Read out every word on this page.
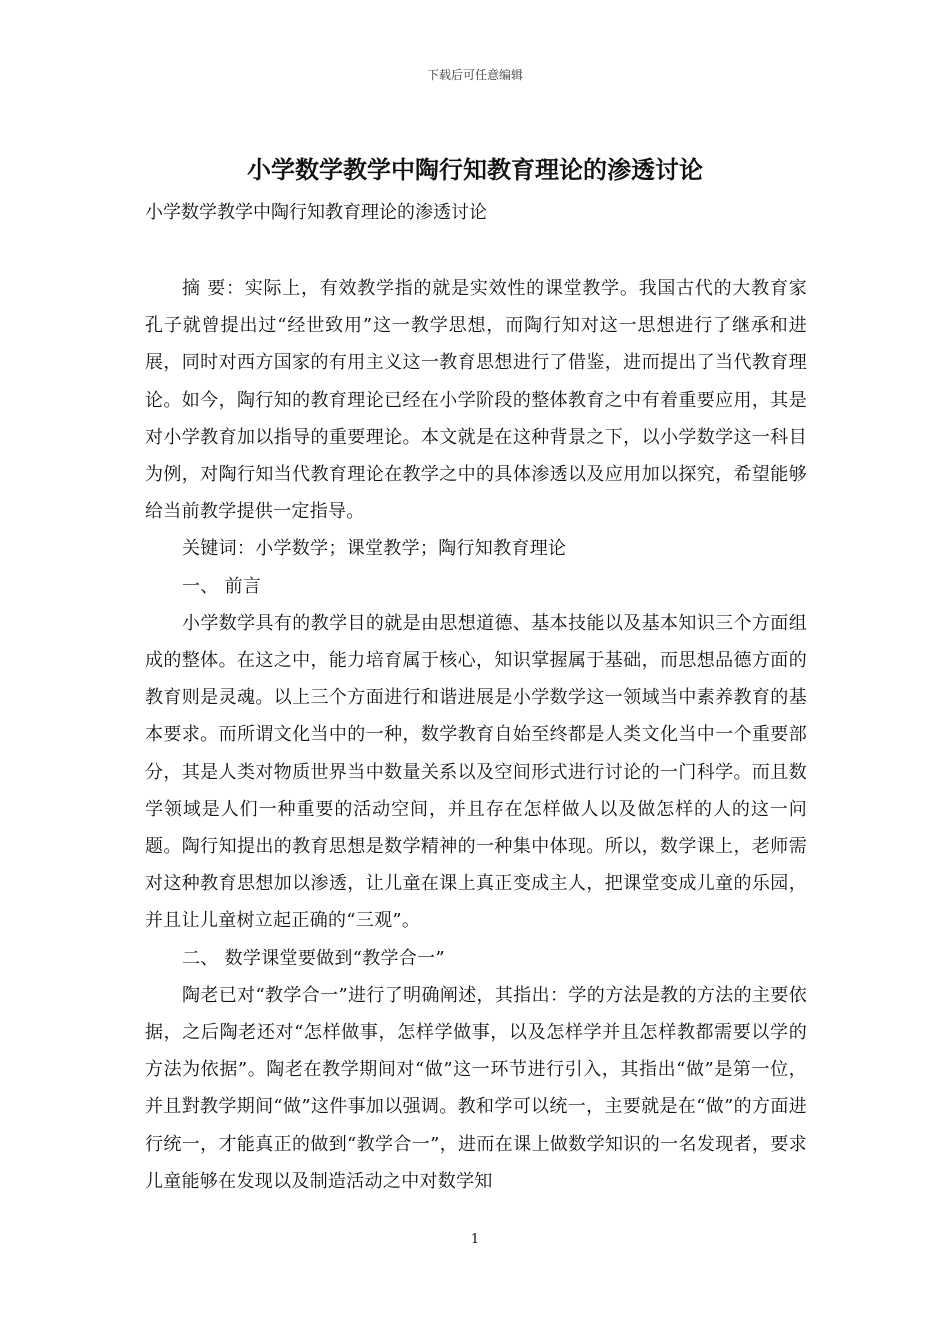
下载后可任意编辑
小学数学教学中陶行知教育理论的渗透讨论

小学数学教学中陶行知教育理论的渗透讨论

摘 要：实际上，有效教学指的就是实效性的课堂教学。我国古代的大教育家孔子就曾提出过“经世致用”这一教学思想，而陶行知对这一思想进行了继承和进展，同时对西方国家的有用主义这一教育思想进行了借鉴，进而提出了当代教育理论。如今，陶行知的教育理论已经在小学阶段的整体教育之中有着重要应用，其是对小学教育加以指导的重要理论。本文就是在这种背景之下，以小学数学这一科目为例，对陶行知当代教育理论在教学之中的具体渗透以及应用加以探究，希望能够给当前教学提供一定指导。

关键词：小学数学；课堂教学；陶行知教育理论

一、 前言

小学数学具有的教学目的就是由思想道德、基本技能以及基本知识三个方面组成的整体。在这之中，能力培育属于核心，知识掌握属于基础，而思想品德方面的教育则是灵魂。以上三个方面进行和谐进展是小学数学这一领域当中素养教育的基本要求。而所谓文化当中的一种，数学教育自始至终都是人类文化当中一个重要部分，其是人类对物质世界当中数量关系以及空间形式进行讨论的一门科学。而且数学领域是人们一种重要的活动空间，并且存在怎样做人以及做怎样的人的这一问题。陶行知提出的教育思想是数学精神的一种集中体现。所以，数学课上，老师需对这种教育思想加以渗透，让儿童在课上真正变成主人，把课堂变成儿童的乐园，并且让儿童树立起正确的“三观”。

二、 数学课堂要做到“教学合一”

陶老已对“教学合一”进行了明确阐述，其指出：学的方法是教的方法的主要依据，之后陶老还对“怎样做事，怎样学做事，以及怎样学并且怎样教都需要以学的方法为依据”。陶老在教学期间对“做”这一环节进行引入，其指出“做”是第一位，并且對教学期间“做”这件事加以强调。教和学可以统一，主要就是在“做”的方面进行统一，才能真正的做到“教学合一”，进而在课上做数学知识的一名发现者，要求儿童能够在发现以及制造活动之中对数学知

1
